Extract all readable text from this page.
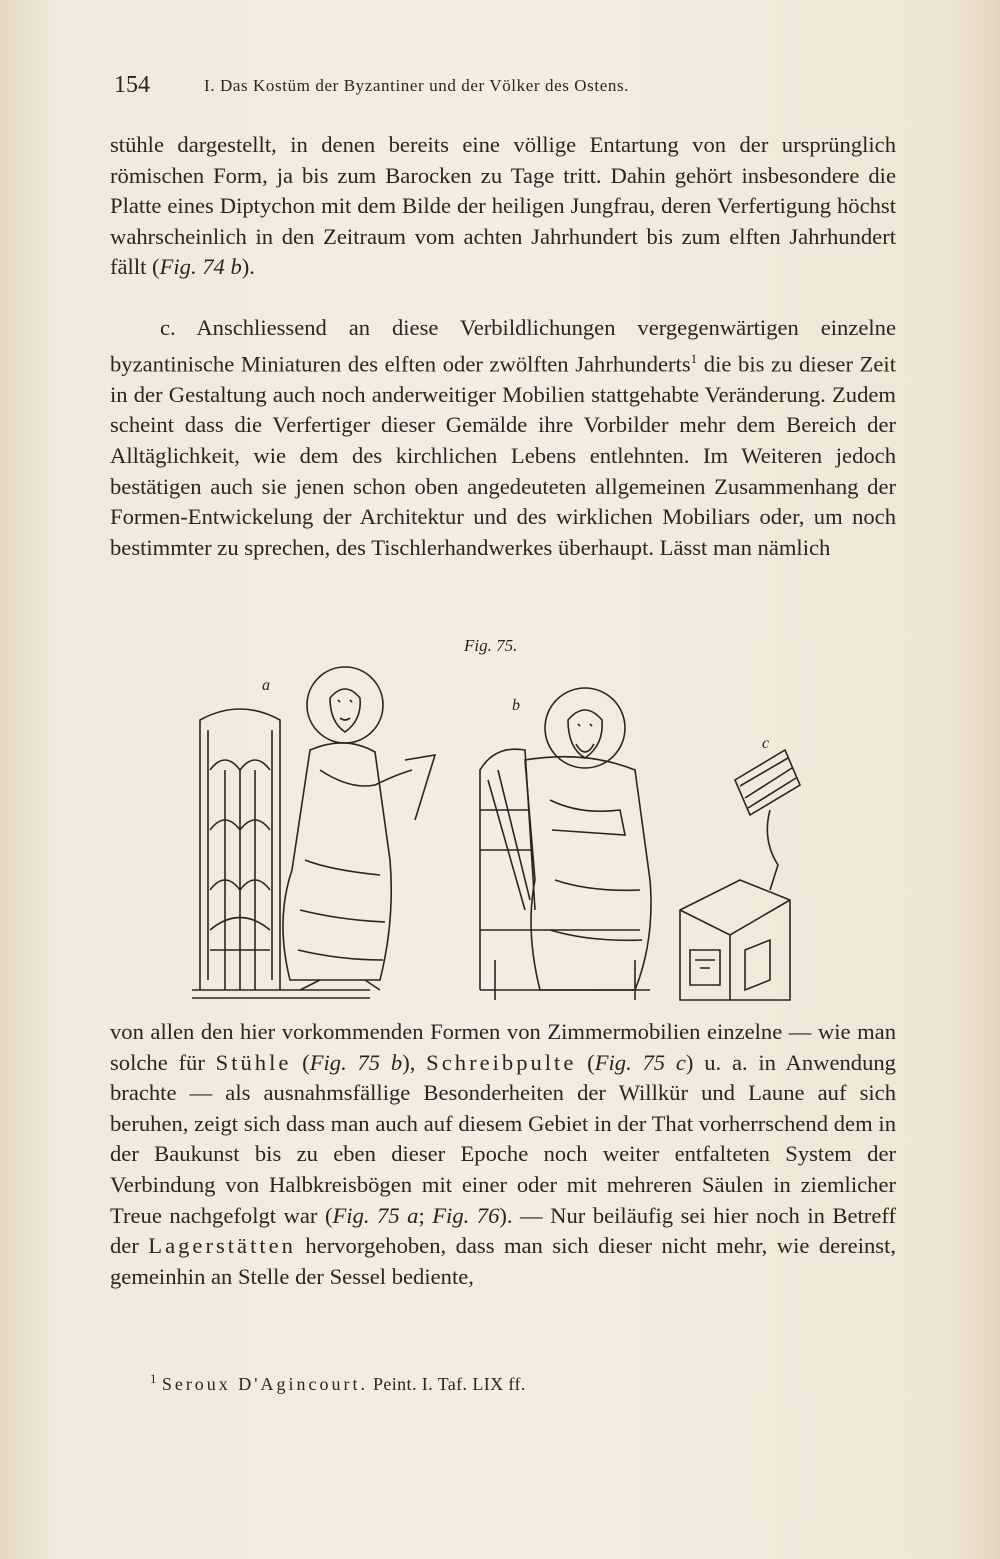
154	I. Das Kostüm der Byzantiner und der Völker des Ostens.

stühle dargestellt, in denen bereits eine völlige Entartung von der ursprünglich römischen Form, ja bis zum Barocken zu Tage tritt. Dahin gehört insbesondere die Platte eines Diptychon mit dem Bilde der heiligen Jungfrau, deren Verfertigung höchst wahrscheinlich in den Zeitraum vom achten Jahrhundert bis zum elften Jahrhundert fällt (Fig. 74 b).

c. Anschliessend an diese Verbildlichungen vergegenwärtigen einzelne byzantinische Miniaturen des elften oder zwölften Jahrhunderts$^1$ die bis zu dieser Zeit in der Gestaltung auch noch anderweitiger Mobilien stattgehabte Veränderung. Zudem scheint dass die Verfertiger dieser Gemälde ihre Vorbilder mehr dem Bereich der Alltäglichkeit, wie dem des kirchlichen Lebens entlehnten. Im Weiteren jedoch bestätigen auch sie jenen schon oben angedeuteten allgemeinen Zusammenhang der Formen-Entwickelung der Architektur und des wirklichen Mobiliars oder, um noch bestimmter zu sprechen, des Tischlerhandwerkes überhaupt. Lässt man nämlich

Fig. 75.
a
b
c

von allen den hier vorkommenden Formen von Zimmermobilien einzelne — wie man solche für Stühle (Fig. 75 b), Schreibpulte (Fig. 75 c) u. a. in Anwendung brachte — als ausnahmsfällige Besonderheiten der Willkür und Laune auf sich beruhen, zeigt sich dass man auch auf diesem Gebiet in der That vorherrschend dem in der Baukunst bis zu eben dieser Epoche noch weiter entfalteten System der Verbindung von Halbkreisbögen mit einer oder mit mehreren Säulen in ziemlicher Treue nachgefolgt war (Fig. 75 a; Fig. 76). — Nur beiläufig sei hier noch in Betreff der Lagerstätten hervorgehoben, dass man sich dieser nicht mehr, wie dereinst, gemeinhin an Stelle der Sessel bediente,

$^1$ Seroux D'Agincourt. Peint. I. Taf. LIX ff.
